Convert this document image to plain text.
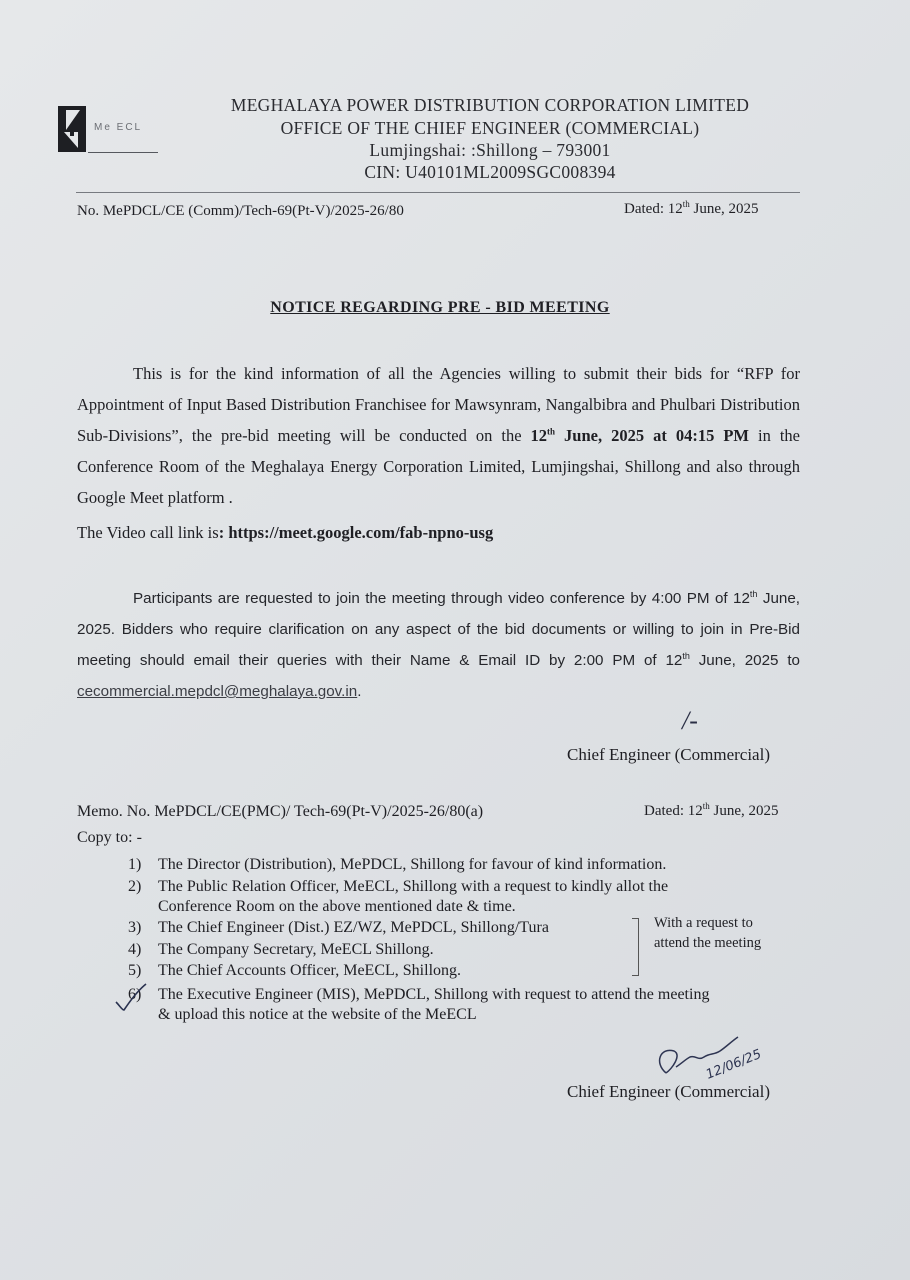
Me ECL
MEGHALAYA POWER DISTRIBUTION CORPORATION LIMITED
OFFICE OF THE CHIEF ENGINEER (COMMERCIAL)
Lumjingshai: :Shillong – 793001
CIN: U40101ML2009SGC008394
No. MePDCL/CE (Comm)/Tech-69(Pt-V)/2025-26/80	Dated: 12th June, 2025
NOTICE REGARDING PRE - BID MEETING
This is for the kind information of all the Agencies willing to submit their bids for “RFP for Appointment of Input Based Distribution Franchisee for Mawsynram, Nangalbibra and Phulbari Distribution Sub-Divisions”, the pre-bid meeting will be conducted on the 12th June, 2025 at 04:15 PM in the Conference Room of the Meghalaya Energy Corporation Limited, Lumjingshai, Shillong and also through Google Meet platform .
The Video call link is: https://meet.google.com/fab-npno-usg
Participants are requested to join the meeting through video conference by 4:00 PM of 12th June, 2025. Bidders who require clarification on any aspect of the bid documents or willing to join in Pre-Bid meeting should email their queries with their Name & Email ID by 2:00 PM of 12th June, 2025 to cecommercial.mepdcl@meghalaya.gov.in.
/-
Chief Engineer (Commercial)
Memo. No. MePDCL/CE(PMC)/ Tech-69(Pt-V)/2025-26/80(a)	Dated: 12th June, 2025
Copy to: -
1) The Director (Distribution), MePDCL, Shillong for favour of kind information.
2) The Public Relation Officer, MeECL, Shillong with a request to kindly allot the
Conference Room on the above mentioned date & time.
3) The Chief Engineer (Dist.) EZ/WZ, MePDCL, Shillong/Tura
4) The Company Secretary, MeECL Shillong.
5) The Chief Accounts Officer, MeECL, Shillong.
6) The Executive Engineer (MIS), MePDCL, Shillong with request to attend the meeting
& upload this notice at the website of the MeECL
With a request to attend the meeting
12/06/25
Chief Engineer (Commercial)
